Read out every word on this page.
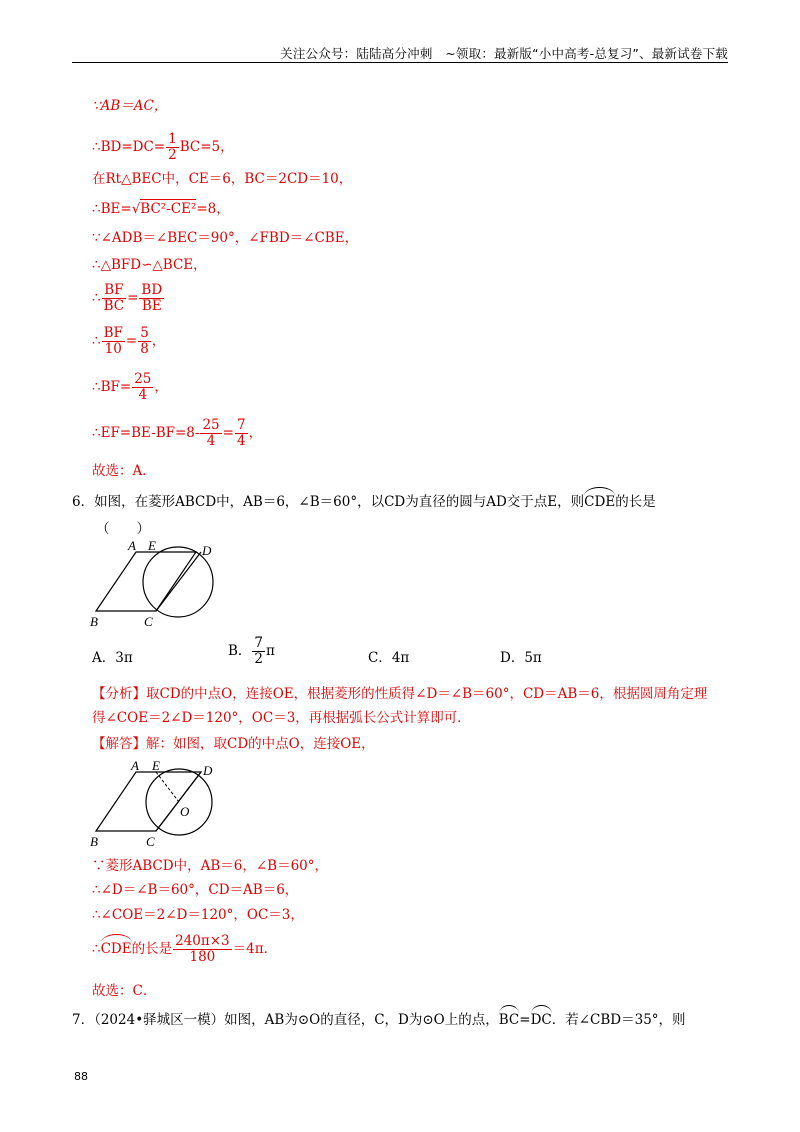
关注公众号：陆陆高分冲刺　~领取：最新版“小中高考-总复习”、最新试卷下载
∵AB＝AC，
∴BD=DC= $\frac{1}{2} BC=5$，
在Rt△BEC中，CE＝6，BC＝2CD＝10，
∴BE=√BC²-CE²=8，
∵∠ADB＝∠BEC＝90°，∠FBD＝∠CBE，
∴△BFD∽△BCE，
∴ $\frac{BF}{BC} = \frac{BD}{BE}$
∴ $\frac{BF}{10} = \frac{5}{8}$ ，
∴BF= $\frac{25}{4}$ ，
∴EF=BE-BF=8- $\frac{25}{4} = \frac{7}{4}$ ，
故选：A．
6．如图，在菱形ABCD中，AB＝6，∠B＝60°，以CD为直径的圆与AD交于点E，则CDE的长是
（　　）
A E	D
B	C
A．3π	B． $\frac{7}{2}$ π	C．4π	D．5π
【分析】取CD的中点O，连接OE，根据菱形的性质得∠D＝∠B＝60°，CD＝AB＝6，根据圆周角定理
得∠COE＝2∠D＝120°，OC＝3，再根据弧长公式计算即可．
【解答】解：如图，取CD的中点O，连接OE，
A E	D
O
B	C
∵菱形ABCD中，AB＝6，∠B＝60°，
∴∠D＝∠B＝60°，CD＝AB＝6，
∴∠COE＝2∠D＝120°，OC＝3，
∴CDE的长是 $\frac{240\pi\times 3}{180} =4\pi$．
故选：C．
7．（2024•驿城区一模）如图，AB为⊙O的直径，C，D为⊙O上的点，BC=DC．若∠CBD＝35°，则
88
